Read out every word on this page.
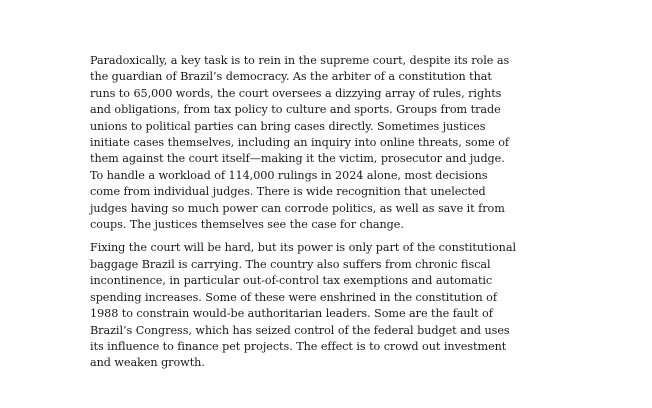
Paradoxically, a key task is to rein in the supreme court, despite its role as the guardian of Brazil’s democracy. As the arbiter of a constitution that runs to 65,000 words, the court oversees a dizzying array of rules, rights and obligations, from tax policy to culture and sports. Groups from trade unions to political parties can bring cases directly. Sometimes justices initiate cases themselves, including an inquiry into online threats, some of them against the court itself—making it the victim, prosecutor and judge. To handle a workload of 114,000 rulings in 2024 alone, most decisions come from individual judges. There is wide recognition that unelected judges having so much power can corrode politics, as well as save it from coups. The justices themselves see the case for change.

Fixing the court will be hard, but its power is only part of the constitutional baggage Brazil is carrying. The country also suffers from chronic fiscal incontinence, in particular out-of-control tax exemptions and automatic spending increases. Some of these were enshrined in the constitution of 1988 to constrain would-be authoritarian leaders. Some are the fault of Brazil’s Congress, which has seized control of the federal budget and uses its influence to finance pet projects. The effect is to crowd out investment and weaken growth.
